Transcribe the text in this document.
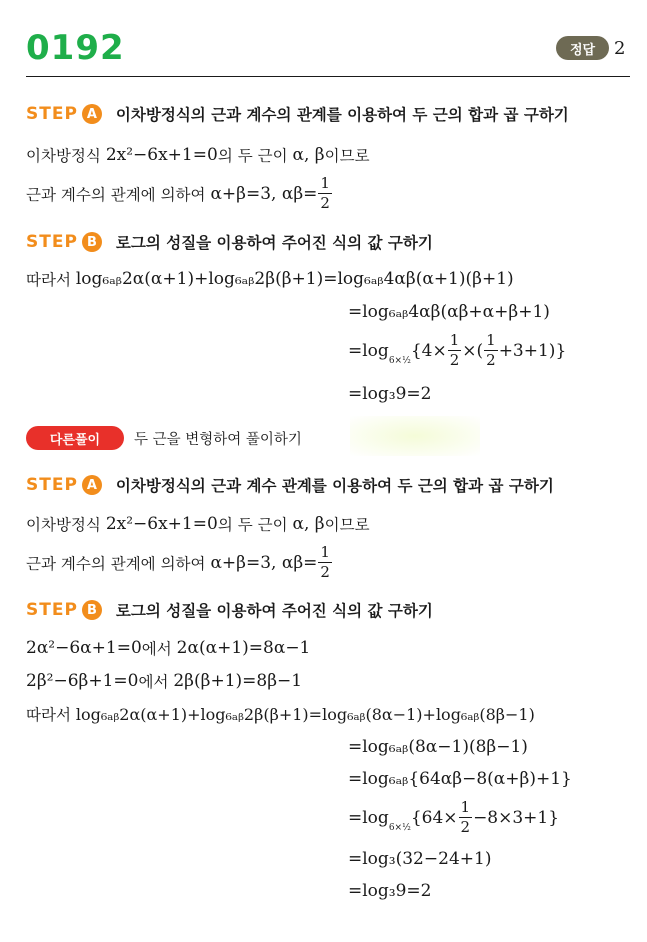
0192	정답	2
STEP A	이차방정식의 근과 계수의 관계를 이용하여 두 근의 합과 곱 구하기
이차방정식
2x²−6x+1=0 의 두 근이
α, β 이므로
근과 계수의 관계에 의하여
α+β=3, $\alpha\beta= \frac{1}{2}$
STEP B	로그의 성질을 이용하여 주어진 식의 값 구하기
따라서
log₆ₐᵦ2α(α+1)+log₆ₐᵦ2β(β+1)=log₆ₐᵦ4αβ(α+1)(β+1)
=log₆ₐᵦ4αβ(αβ+α+β+1)
=log
6×½
{$4\times \frac{1}{2}$ ×( $\frac{1}{2} +3+1$)}
=log₃9=2
다른풀이	두 근을 변형하여 풀이하기
STEP A	이차방정식의 근과 계수 관계를 이용하여 두 근의 합과 곱 구하기
이차방정식
2x²−6x+1=0 의 두 근이
α, β 이므로
근과 계수의 관계에 의하여
α+β=3, $\alpha\beta= \frac{1}{2}$
STEP B	로그의 성질을 이용하여 주어진 식의 값 구하기
2α²−6α+1=0 에서
2α(α+1)=8α−1
2β²−6β+1=0 에서
2β(β+1)=8β−1
따라서
log₆ₐᵦ2α(α+1)+log₆ₐᵦ2β(β+1)=log₆ₐᵦ(8α−1)+log₆ₐᵦ(8β−1)
=log₆ₐᵦ(8α−1)(8β−1)
=log₆ₐᵦ{64αβ−8(α+β)+1}
=log
6×½
$\{64\times \frac{1}{2} -8\times 3+1\}$
=log₃(32−24+1)
=log₃9=2
